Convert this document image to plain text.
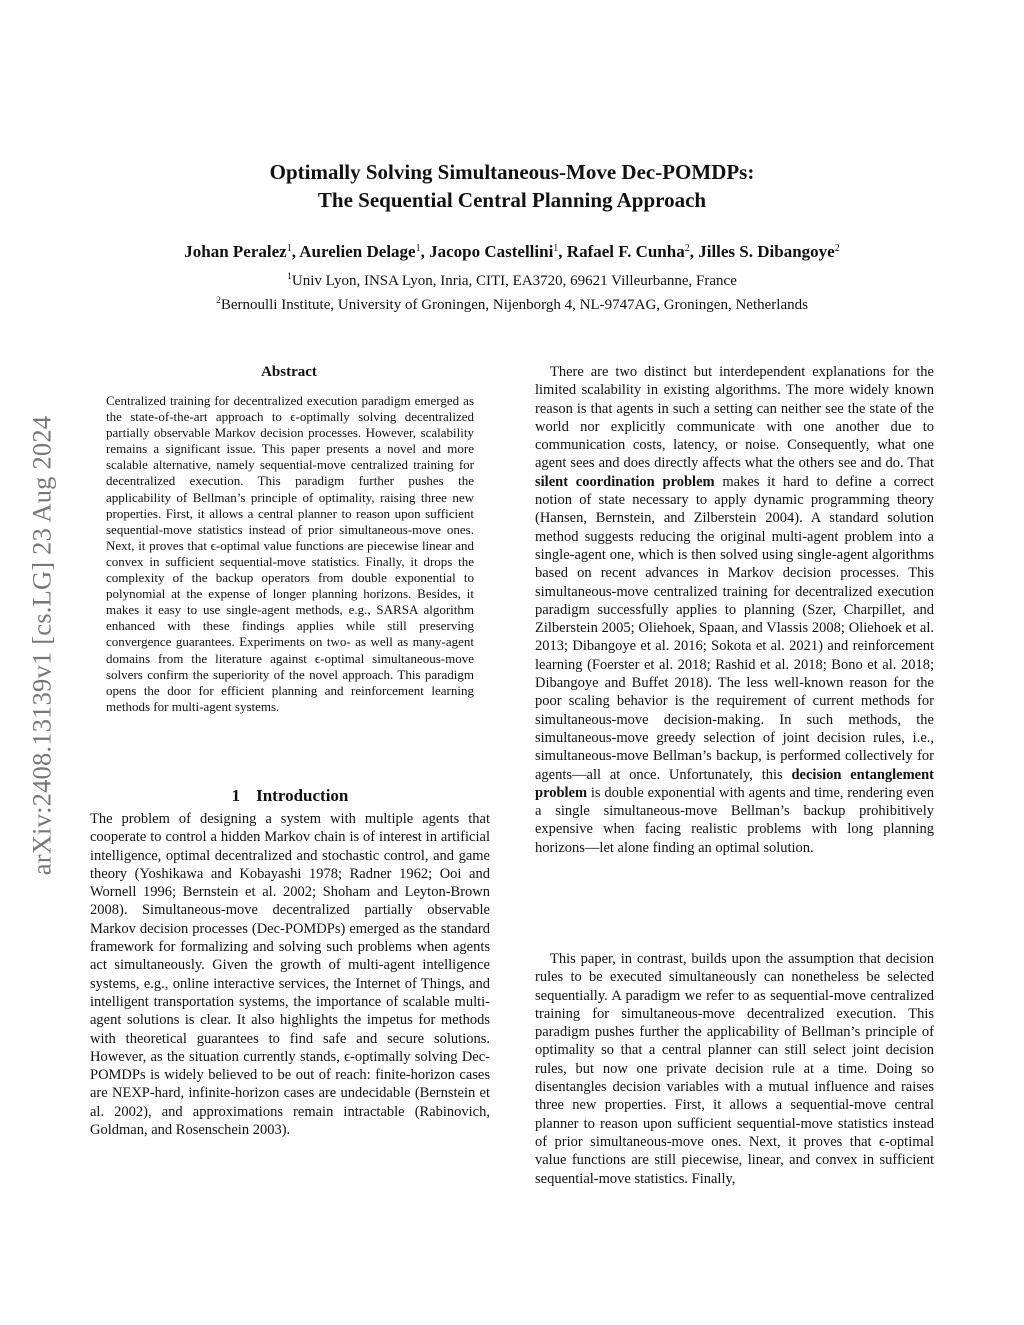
arXiv:2408.13139v1 [cs.LG] 23 Aug 2024
Optimally Solving Simultaneous-Move Dec-POMDPs:
The Sequential Central Planning Approach
Johan Peralez$^1$, Aurelien Delage$^1$, Jacopo Castellini$^1$, Rafael F. Cunha$^2$, Jilles S. Dibangoye$^2$
$^1$Univ Lyon, INSA Lyon, Inria, CITI, EA3720, 69621 Villeurbanne, France
$^2$Bernoulli Institute, University of Groningen, Nijenborgh 4, NL-9747AG, Groningen, Netherlands
Abstract

Centralized training for decentralized execution paradigm emerged as the state-of-the-art approach to ϵ-optimally solving decentralized partially observable Markov decision processes. However, scalability remains a significant issue. This paper presents a novel and more scalable alternative, namely sequential-move centralized training for decentralized execution. This paradigm further pushes the applicability of Bellman’s principle of optimality, raising three new properties. First, it allows a central planner to reason upon sufficient sequential-move statistics instead of prior simultaneous-move ones. Next, it proves that ϵ-optimal value functions are piecewise linear and convex in sufficient sequential-move statistics. Finally, it drops the complexity of the backup operators from double exponential to polynomial at the expense of longer planning horizons. Besides, it makes it easy to use single-agent methods, e.g., SARSA algorithm enhanced with these findings applies while still preserving convergence guarantees. Experiments on two- as well as many-agent domains from the literature against ϵ-optimal simultaneous-move solvers confirm the superiority of the novel approach. This paradigm opens the door for efficient planning and reinforcement learning methods for multi-agent systems.

1 Introduction

The problem of designing a system with multiple agents that cooperate to control a hidden Markov chain is of interest in artificial intelligence, optimal decentralized and stochastic control, and game theory (Yoshikawa and Kobayashi 1978; Radner 1962; Ooi and Wornell 1996; Bernstein et al. 2002; Shoham and Leyton-Brown 2008). Simultaneous-move decentralized partially observable Markov decision processes (Dec-POMDPs) emerged as the standard framework for formalizing and solving such problems when agents act simultaneously. Given the growth of multi-agent intelligence systems, e.g., online interactive services, the Internet of Things, and intelligent transportation systems, the importance of scalable multi-agent solutions is clear. It also highlights the impetus for methods with theoretical guarantees to find safe and secure solutions. However, as the situation currently stands, ϵ-optimally solving Dec-POMDPs is widely believed to be out of reach: finite-horizon cases are NEXP-hard, infinite-horizon cases are undecidable (Bernstein et al. 2002), and approximations remain intractable (Rabinovich, Goldman, and Rosenschein 2003).

There are two distinct but interdependent explanations for the limited scalability in existing algorithms. The more widely known reason is that agents in such a setting can neither see the state of the world nor explicitly communicate with one another due to communication costs, latency, or noise. Consequently, what one agent sees and does directly affects what the others see and do. That silent coordination problem makes it hard to define a correct notion of state necessary to apply dynamic programming theory (Hansen, Bernstein, and Zilberstein 2004). A standard solution method suggests reducing the original multi-agent problem into a single-agent one, which is then solved using single-agent algorithms based on recent advances in Markov decision processes. This simultaneous-move centralized training for decentralized execution paradigm successfully applies to planning (Szer, Charpillet, and Zilberstein 2005; Oliehoek, Spaan, and Vlassis 2008; Oliehoek et al. 2013; Dibangoye et al. 2016; Sokota et al. 2021) and reinforcement learning (Foerster et al. 2018; Rashid et al. 2018; Bono et al. 2018; Dibangoye and Buffet 2018). The less well-known reason for the poor scaling behavior is the requirement of current methods for simultaneous-move decision-making. In such methods, the simultaneous-move greedy selection of joint decision rules, i.e., simultaneous-move Bellman’s backup, is performed collectively for agents—all at once. Unfortunately, this decision entanglement problem is double exponential with agents and time, rendering even a single simultaneous-move Bellman’s backup prohibitively expensive when facing realistic problems with long planning horizons—let alone finding an optimal solution.

This paper, in contrast, builds upon the assumption that decision rules to be executed simultaneously can nonetheless be selected sequentially. A paradigm we refer to as sequential-move centralized training for simultaneous-move decentralized execution. This paradigm pushes further the applicability of Bellman’s principle of optimality so that a central planner can still select joint decision rules, but now one private decision rule at a time. Doing so disentangles decision variables with a mutual influence and raises three new properties. First, it allows a sequential-move central planner to reason upon sufficient sequential-move statistics instead of prior simultaneous-move ones. Next, it proves that ϵ-optimal value functions are still piecewise, linear, and convex in sufficient sequential-move statistics. Finally,
